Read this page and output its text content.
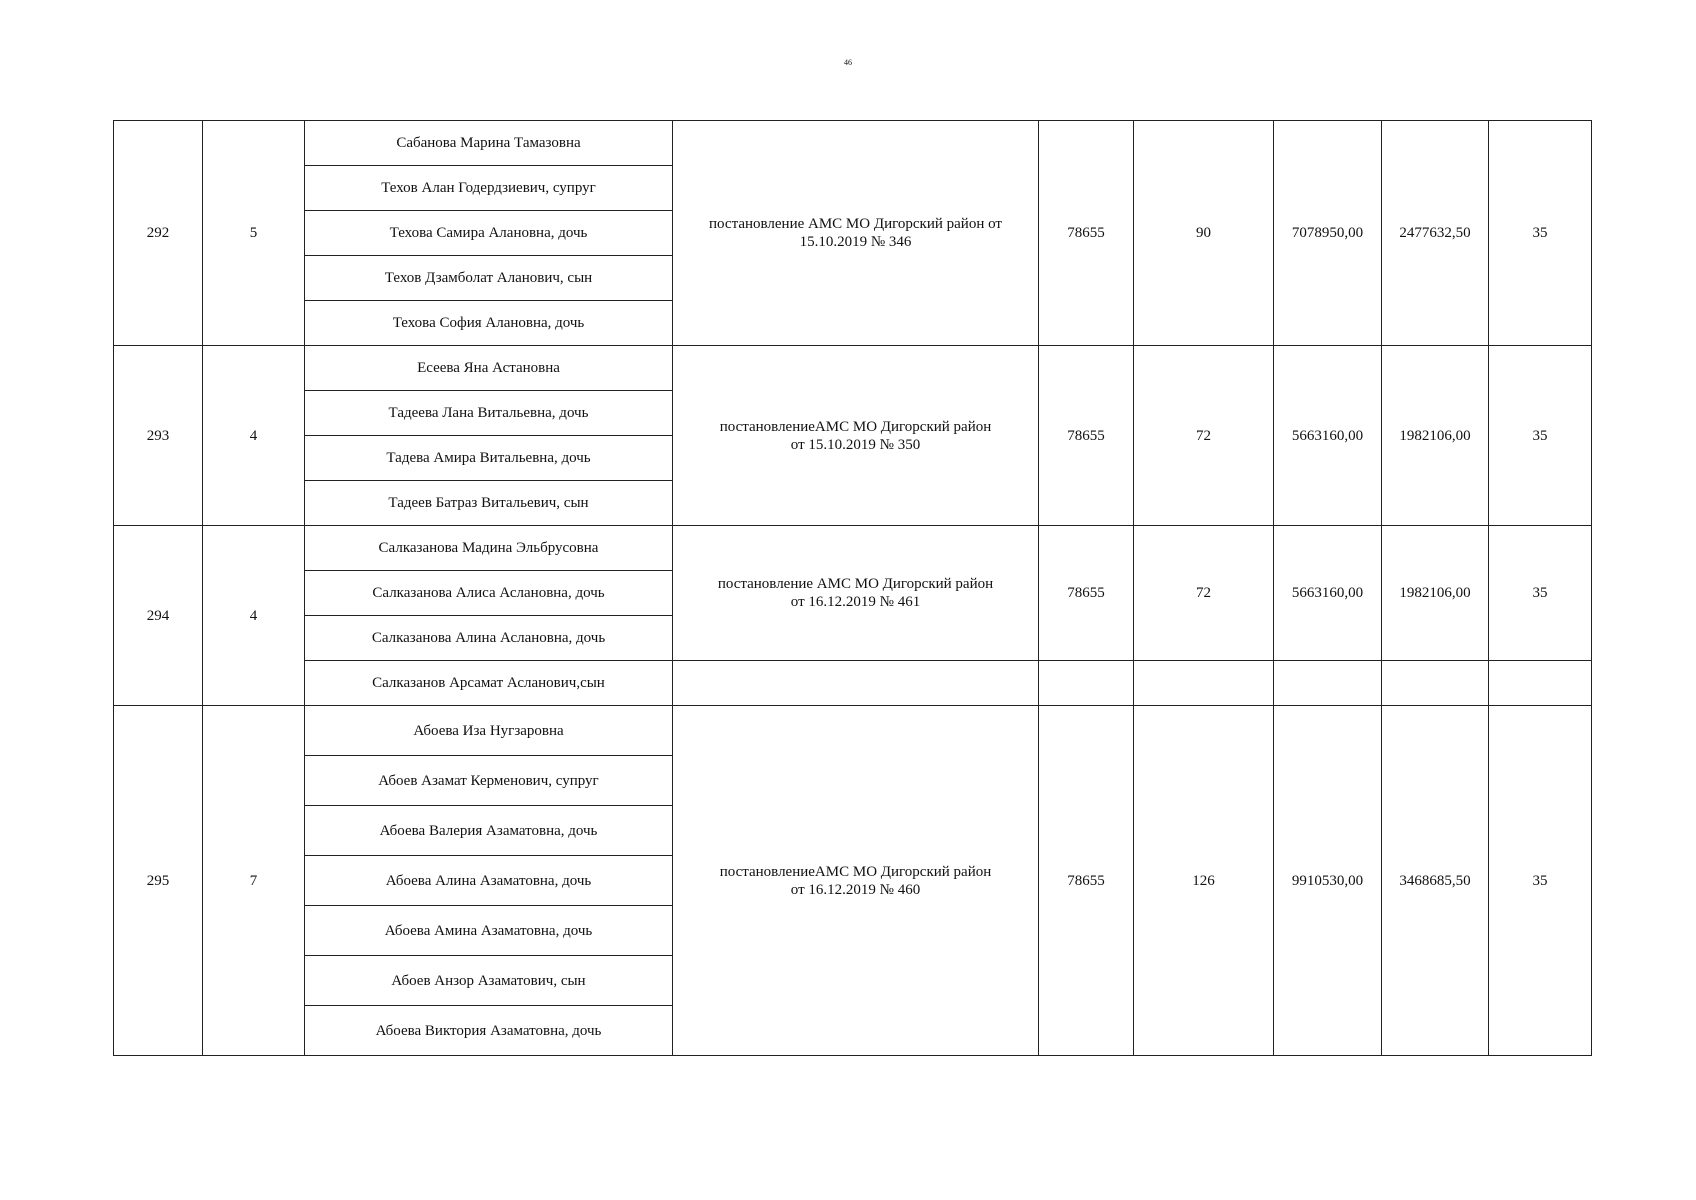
46
292	5	Сабанова Марина Тамазовна	постановление АМС МО Дигорский район от
15.10.2019 № 346	78655	90	7078950,00	2477632,50	35
		Техов Алан Годердзиевич, супруг						
		Техова Самира Алановна, дочь						
		Техов Дзамболат Аланович, сын						
		Техова София Алановна, дочь						
293	4	Есеева Яна Астановна	постановлениеАМС МО Дигорский район
от 15.10.2019 № 350	78655	72	5663160,00	1982106,00	35
		Тадеева Лана Витальевна, дочь						
		Тадева Амира Витальевна, дочь						
		Тадеев Батраз Витальевич, сын						
294	4	Салказанова Мадина Эльбрусовна	постановление АМС МО Дигорский район
от 16.12.2019 № 461	78655	72	5663160,00	1982106,00	35
		Салказанова Алиса Аслановна, дочь						
		Салказанова Алина Аслановна, дочь						
		Салказанов Арсамат Асланович,сын						
295	7	Абоева Иза Нугзаровна	постановлениеАМС МО Дигорский район
от 16.12.2019 № 460	78655	126	9910530,00	3468685,50	35
		Абоев Азамат Керменович, супруг						
		Абоева Валерия Азаматовна, дочь						
		Абоева Алина Азаматовна, дочь						
		Абоева Амина Азаматовна, дочь						
		Абоев Анзор Азаматович, сын						
		Абоева Виктория Азаматовна, дочь						
